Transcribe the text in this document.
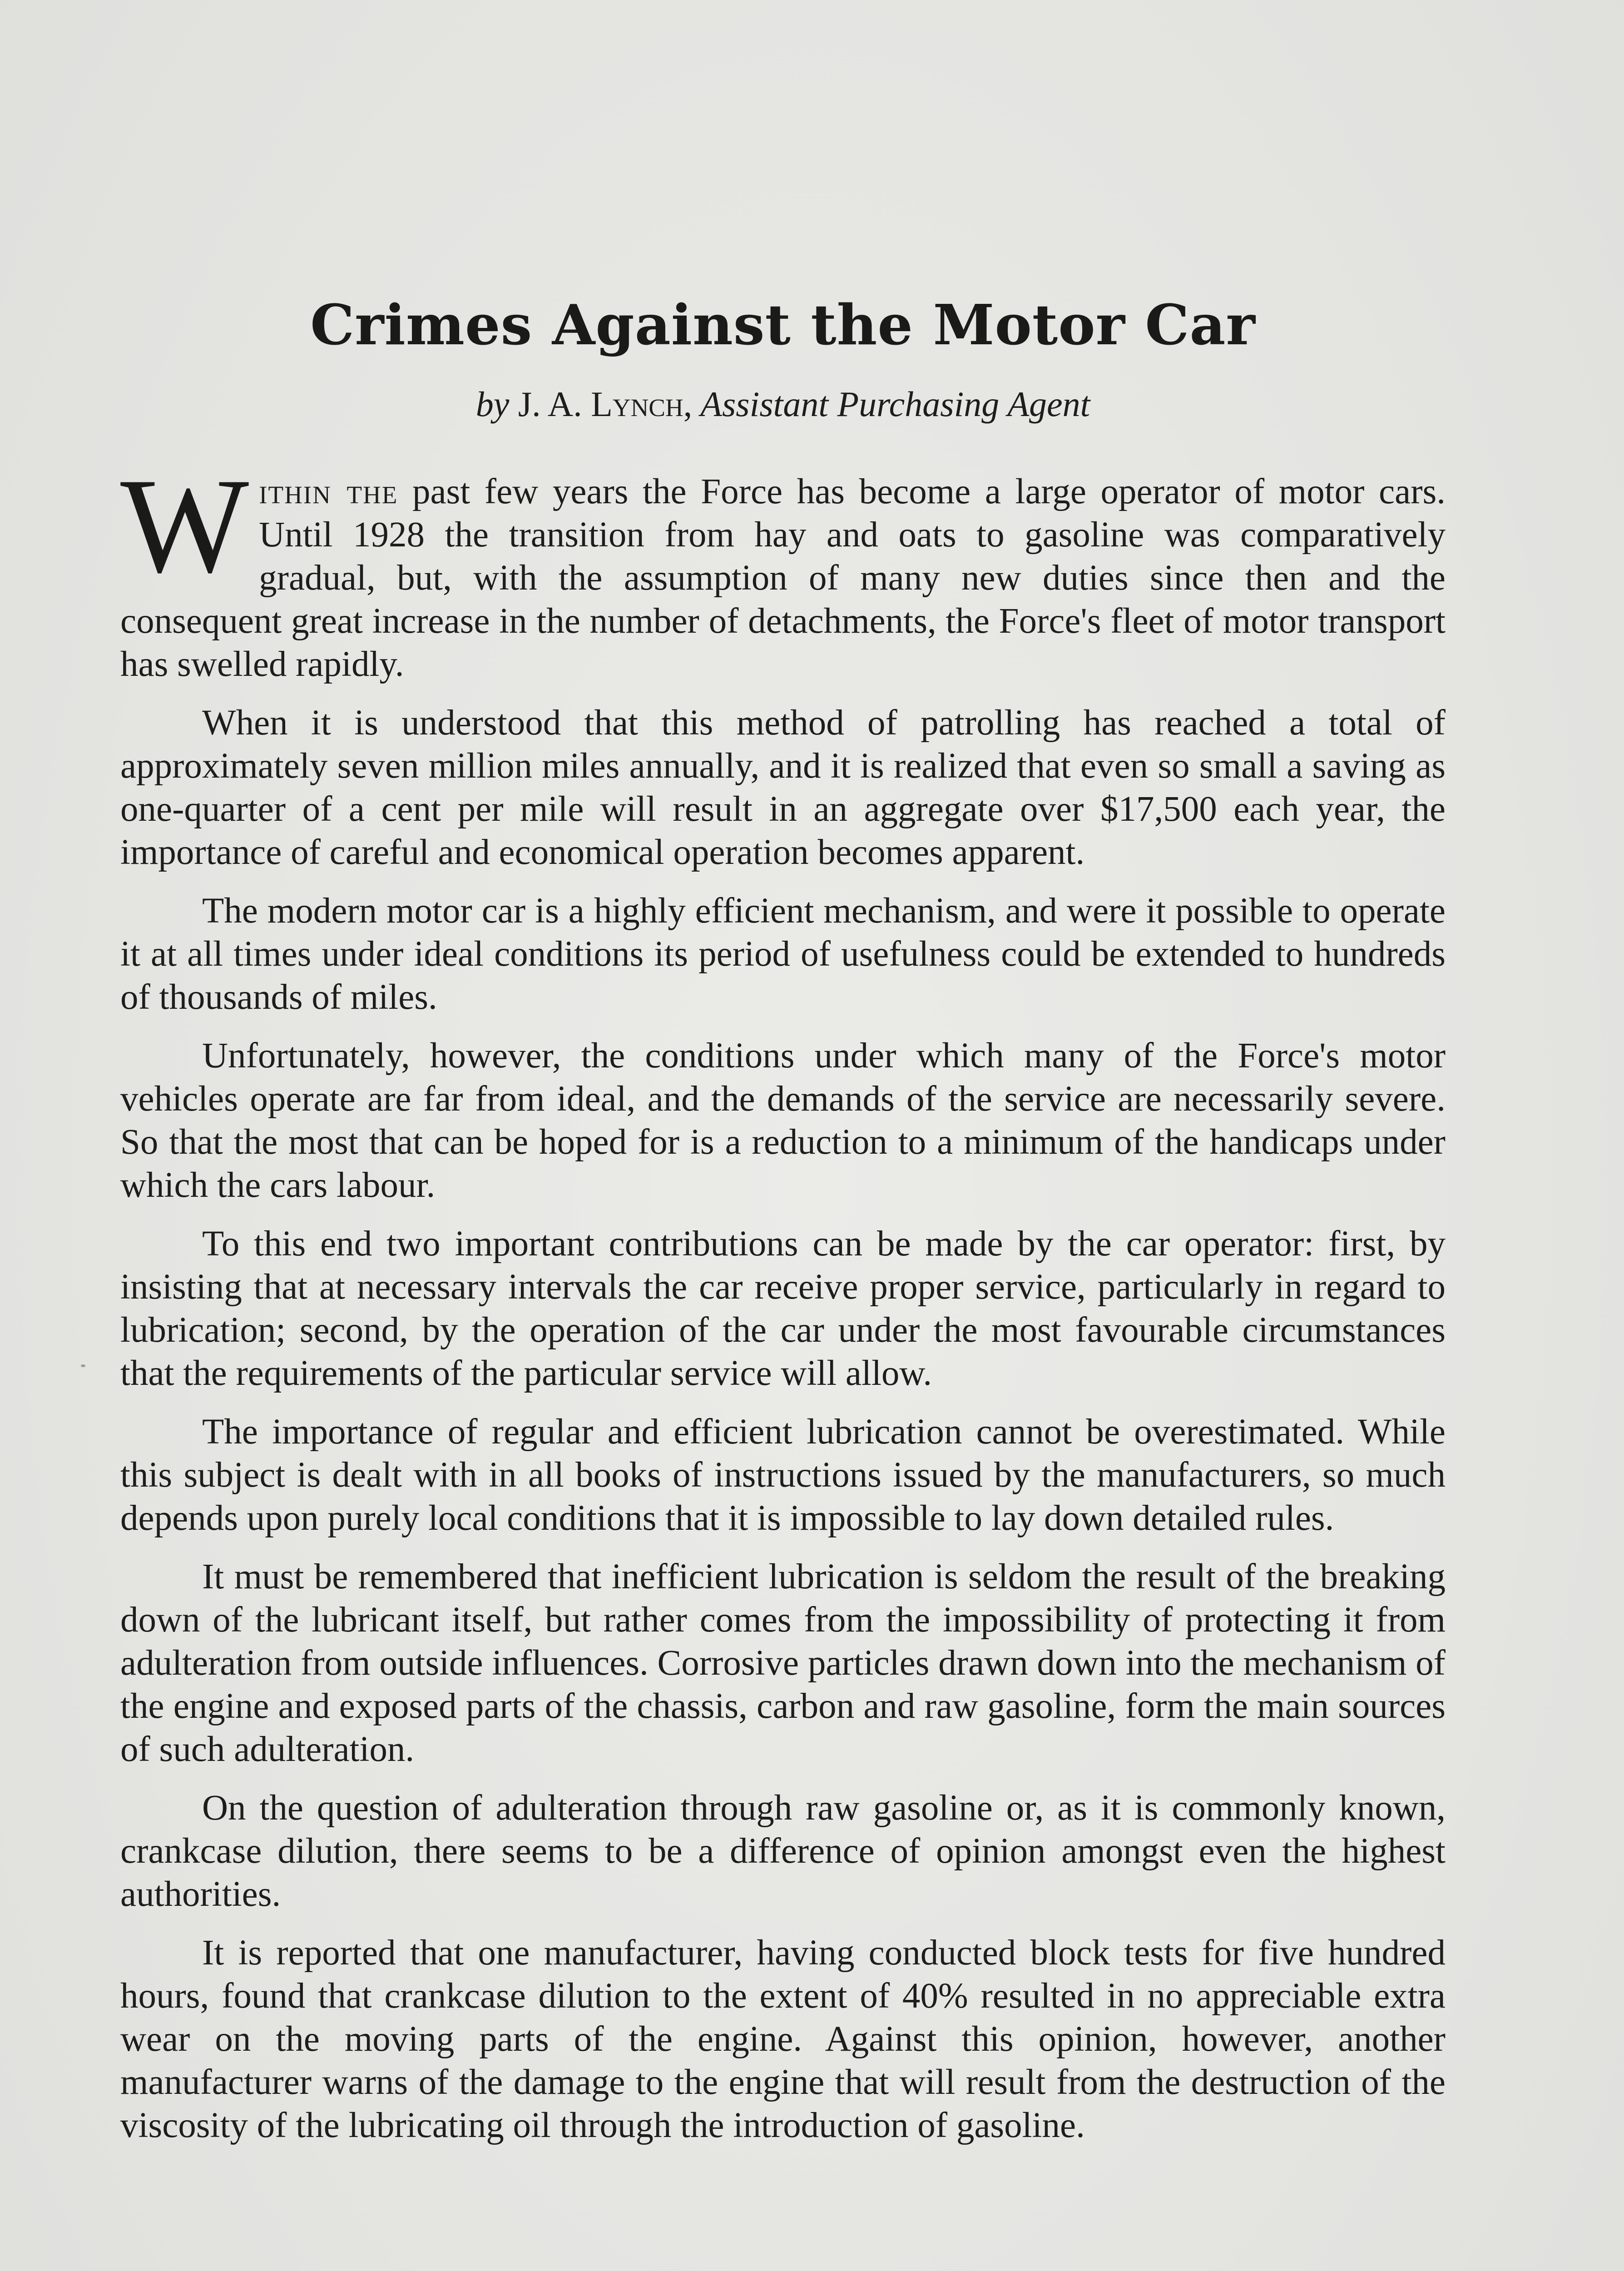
Crimes Against the Motor Car
by J. A. Lynch, Assistant Purchasing Agent

Within the past few years the Force has become a large operator of motor cars. Until 1928 the transition from hay and oats to gasoline was comparatively gradual, but, with the assumption of many new duties since then and the consequent great increase in the number of detachments, the Force's fleet of motor transport has swelled rapidly.

When it is understood that this method of patrolling has reached a total of approximately seven million miles annually, and it is realized that even so small a saving as one-quarter of a cent per mile will result in an aggregate over $17,500 each year, the importance of careful and economical operation becomes apparent.

The modern motor car is a highly efficient mechanism, and were it possible to operate it at all times under ideal conditions its period of usefulness could be extended to hundreds of thousands of miles.

Unfortunately, however, the conditions under which many of the Force's motor vehicles operate are far from ideal, and the demands of the service are necessarily severe. So that the most that can be hoped for is a reduction to a minimum of the handicaps under which the cars labour.

To this end two important contributions can be made by the car operator: first, by insisting that at necessary intervals the car receive proper service, particularly in regard to lubrication; second, by the operation of the car under the most favourable circumstances that the requirements of the particular service will allow.

The importance of regular and efficient lubrication cannot be overestimated. While this subject is dealt with in all books of instructions issued by the manufacturers, so much depends upon purely local conditions that it is impossible to lay down detailed rules.

It must be remembered that inefficient lubrication is seldom the result of the breaking down of the lubricant itself, but rather comes from the impossibility of protecting it from adulteration from outside influences. Corrosive particles drawn down into the mechanism of the engine and exposed parts of the chassis, carbon and raw gasoline, form the main sources of such adulteration.

On the question of adulteration through raw gasoline or, as it is commonly known, crankcase dilution, there seems to be a difference of opinion amongst even the highest authorities.

It is reported that one manufacturer, having conducted block tests for five hundred hours, found that crankcase dilution to the extent of 40% resulted in no appreciable extra wear on the moving parts of the engine. Against this opinion, however, another manufacturer warns of the damage to the engine that will result from the destruction of the viscosity of the lubricating oil through the introduction of gasoline.
